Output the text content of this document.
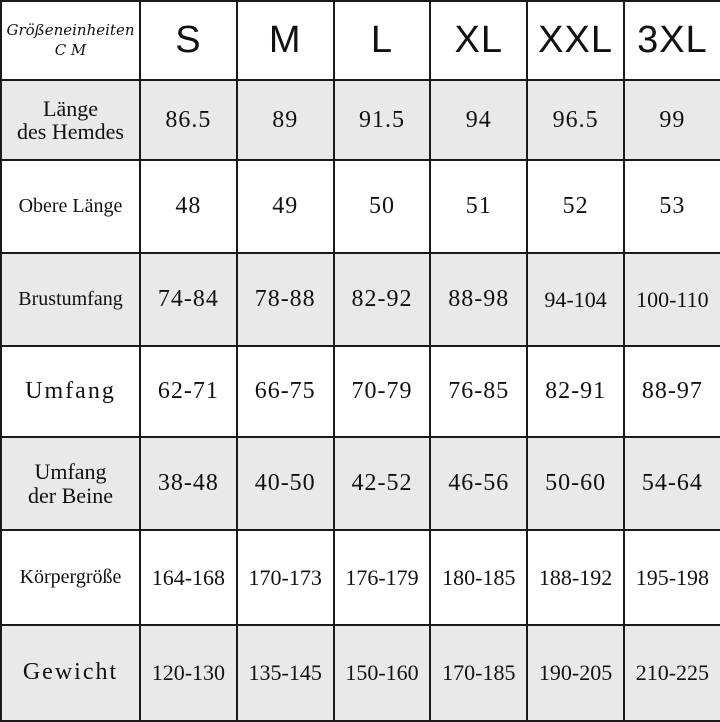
Größeneinheiten
C M	S	M	L	XL	XXL	3XL

Länge
des Hemdes	86.5	89	91.5	94	96.5	99
Obere Länge	48	49	50	51	52	53
Brustumfang	74-84	78-88	82-92	88-98	94-104	100-110
Umfang	62-71	66-75	70-79	76-85	82-91	88-97

Umfang
der Beine	38-48	40-50	42-52	46-56	50-60	54-64
Körpergröße	164-168	170-173	176-179	180-185	188-192	195-198
Gewicht	120-130	135-145	150-160	170-185	190-205	210-225
